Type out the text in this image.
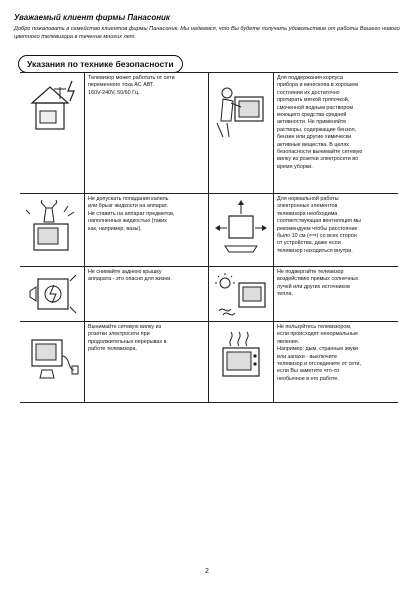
Уважаемый клиент фирмы Панасоник
Добро пожаловать в семейство клиентов фирмы Панасоник. Мы надеемся, что Вы будете получать удовольствие от работы Вашего нового цветного телевизора в течение многих лет.
Указания по технике безопасности
Телевизор может работать от сети
переменного тока АС АВТ.
160V-240V, 50/60 Гц.
Для поддержания корпуса
прибора и кинескопа в хорошем
состоянии их достаточно
протирать мягкой тряпочкой,
смоченной водным раствором
моющего средства средней
активности. Не применяйте
растворы, содержащие бензол,
бензин или другие химически
активные вещества. В целях
безопасности вынимайте сетевую
вилку из розетки электросети во
время уборки.
Не допускать попадания капель
или брызг жидкости на аппарат.
Не ставить на аппарат предметов,
наполненных жидкостью (таких
как, например, вазы).
Для нормальной работы
электронных элементов
телевизора необходима
соответствующая вентиляция мы
рекомендуем чтобы расстояние
было 10 см (⟺) со всех сторон
от устройства, даже если
телевизор находиться внутри.
Не снимайте заднюю крышку
аппарата - это опасно для жизни.
Не подвергайте телевизор
воздействию прямых солнечных
лучей или других источников
тепла.
Вынимайте сетевую вилку из
розетки электросети при
продолжительных перерывах в
работе телевизора.
Не пользуйтесь телевизором,
если происходят ненормальные
явления.
Например: дым, странные звуки
или запахи - выключите
телевизор и отсоедините от сети,
если Вы заметите что-то
необычное в его работе.
2
